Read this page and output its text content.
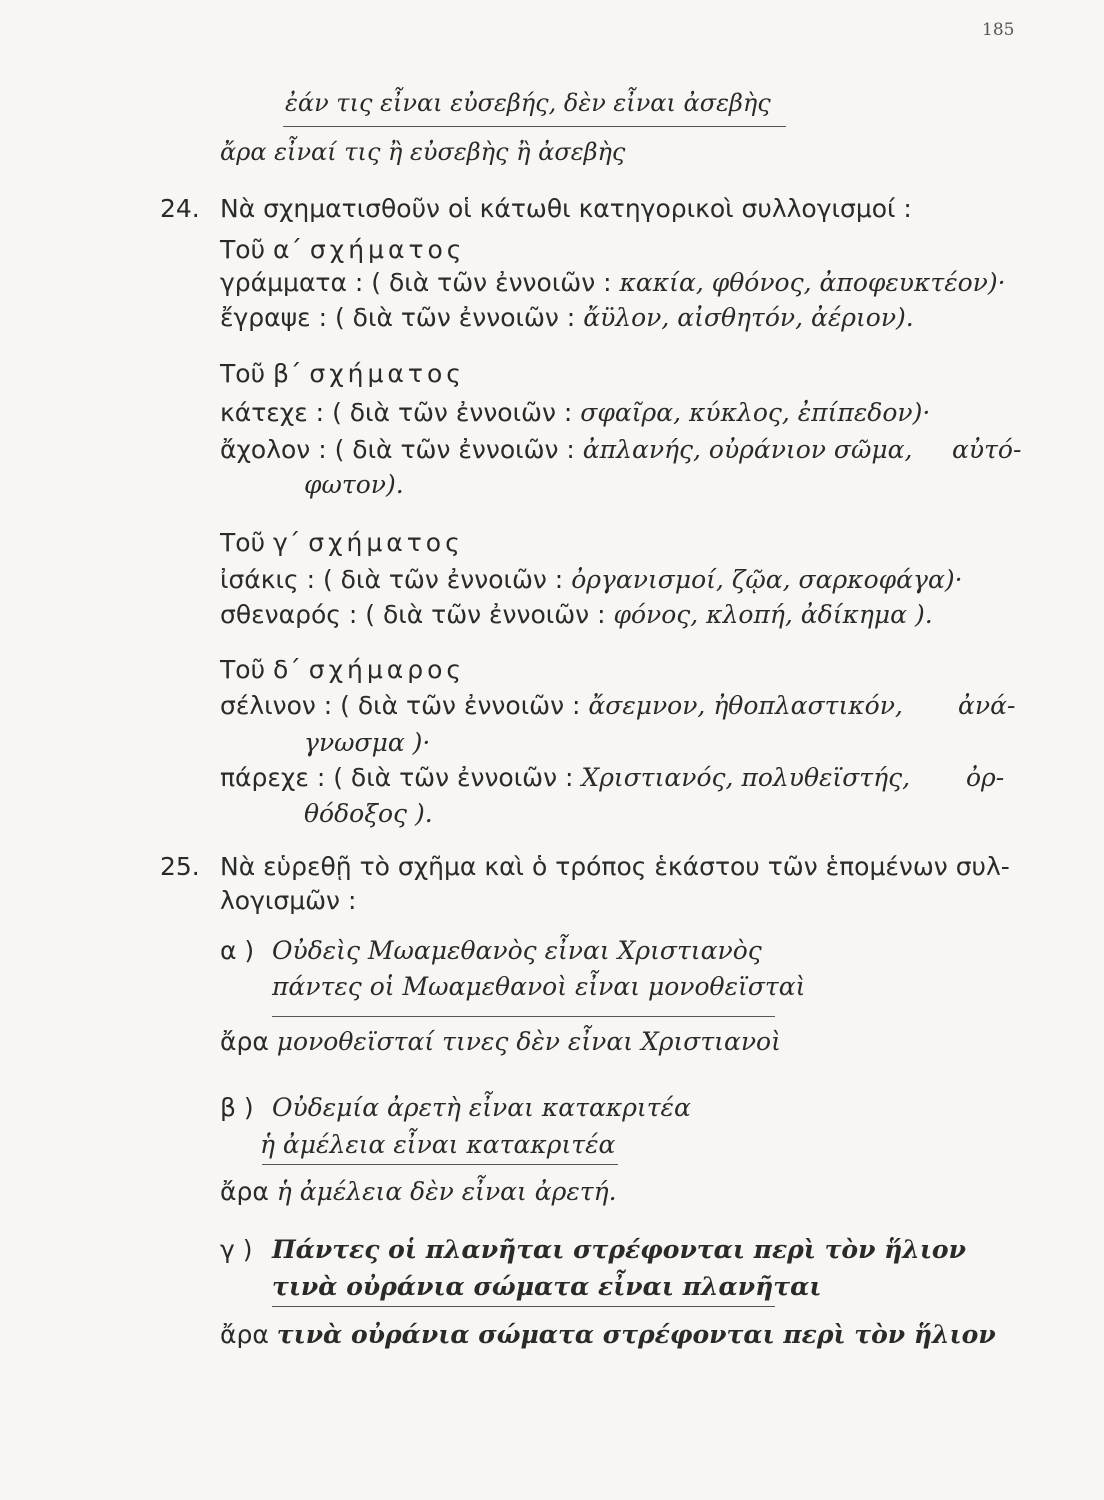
185
ἐάν τις εἶναι εὐσεβής, δὲν εἶναι ἀσεβὴς
ἄρα εἶναί τις ἢ εὐσεβὴς ἢ ἀσεβὴς
24. Νὰ σχηματισθοῦν οἱ κάτωθι κατηγορικοὶ συλλογισμοί :
Τοῦ α΄ σχήματος
γράμματα : ( διὰ τῶν ἐννοιῶν : κακία, φθόνος, ἀποφευκτέον)·
ἔγραψε : ( διὰ τῶν ἐννοιῶν : ἄϋλον, αἰσθητόν, ἀέριον).
Τοῦ β΄ σχήματος
κάτεχε : ( διὰ τῶν ἐννοιῶν : σφαῖρα, κύκλος, ἐπίπεδον)·
ἄχολον : ( διὰ τῶν ἐννοιῶν : ἀπλανής, οὐράνιον σῶμα, αὐτό-
φωτον).
Τοῦ γ΄ σχήματος
ἰσάκις : ( διὰ τῶν ἐννοιῶν : ὀργανισμοί, ζῷα, σαρκοφάγα)·
σθεναρός : ( διὰ τῶν ἐννοιῶν : φόνος, κλοπή, ἀδίκημα ).
Τοῦ δ΄ σχήμαρος
σέλινον : ( διὰ τῶν ἐννοιῶν : ἄσεμνον, ἠθοπλαστικόν, ἀνά-
γνωσμα )·
πάρεχε : ( διὰ τῶν ἐννοιῶν : Χριστιανός, πολυθεϊστής, ὀρ-
θόδοξος ).
25. Νὰ εὑρεθῇ τὸ σχῆμα καὶ ὁ τρόπος ἑκάστου τῶν ἑπομένων συλ-
λογισμῶν :
α ) Οὐδεὶς Μωαμεθανὸς εἶναι Χριστιανὸς
πάντες οἱ Μωαμεθανοὶ εἶναι μονοθεϊσταὶ
ἄρα μονοθεϊσταί τινες δὲν εἶναι Χριστιανοὶ
β ) Οὐδεμία ἀρετὴ εἶναι κατακριτέα
ἡ ἀμέλεια εἶναι κατακριτέα
ἄρα ἡ ἀμέλεια δὲν εἶναι ἀρετή.
γ ) Πάντες οἱ πλανῆται στρέφονται περὶ τὸν ἥλιον
τινὰ οὐράνια σώματα εἶναι πλανῆται
ἄρα τινὰ οὐράνια σώματα στρέφονται περὶ τὸν ἥλιον
